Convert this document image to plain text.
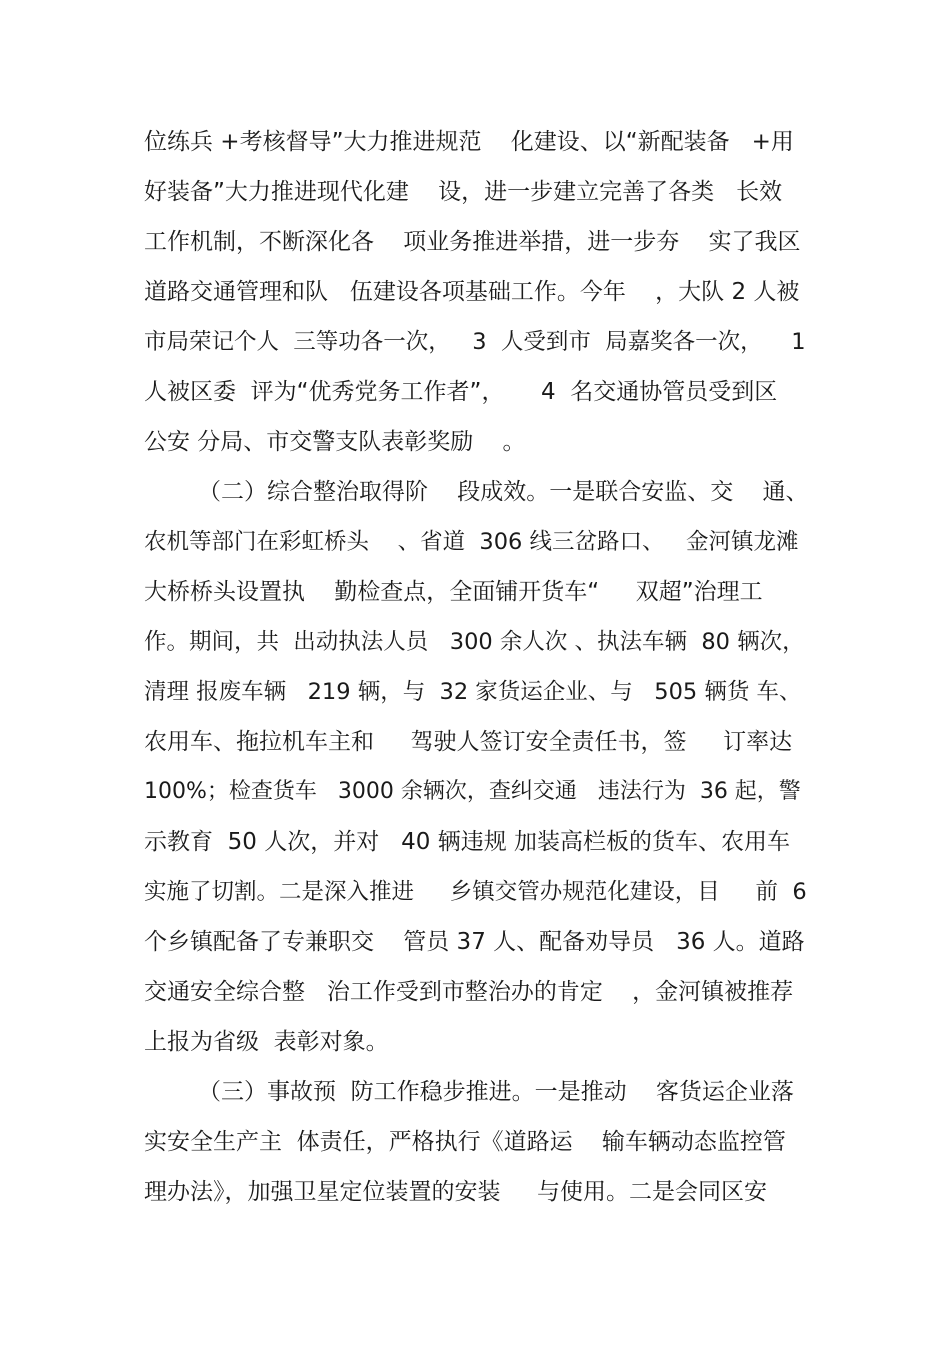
位练兵 +考核督导”大力推进规范    化建设、以“新配装备   +用
好装备”大力推进现代化建    设，进一步建立完善了各类   长效
工作机制，不断深化各    项业务推进举措，进一步夯    实了我区
道路交通管理和队   伍建设各项基础工作。今年    ，大队 2 人被
市局荣记个人  三等功各一次，   3  人受到市  局嘉奖各一次，    1
人被区委  评为“优秀党务工作者”，     4  名交通协管员受到区
公安 分局、市交警支队表彰奖励    。
（二）综合整治取得阶    段成效。一是联合安监、交    通、
农机等部门在彩虹桥头    、省道  306 线三岔路口、   金河镇龙滩
大桥桥头设置执    勤检查点，全面铺开货车“     双超”治理工
作。期间，共  出动执法人员   300 余人次 、执法车辆  80 辆次，
清理 报废车辆   219 辆，与  32 家货运企业、与   505 辆货 车、
农用车、拖拉机车主和     驾驶人签订安全责任书，签     订率达
100%；检查货车   3000 余辆次，查纠交通   违法行为  36 起，警
示教育  50 人次，并对   40 辆违规 加装高栏板的货车、农用车
实施了切割。二是深入推进     乡镇交管办规范化建设，目     前  6
个乡镇配备了专兼职交    管员 37 人、配备劝导员   36 人。道路
交通安全综合整   治工作受到市整治办的肯定    ，金河镇被推荐
上报为省级  表彰对象。
（三）事故预  防工作稳步推进。一是推动    客货运企业落
实安全生产主  体责任，严格执行《道路运    输车辆动态监控管
理办法》，加强卫星定位装置的安装     与使用。二是会同区安
